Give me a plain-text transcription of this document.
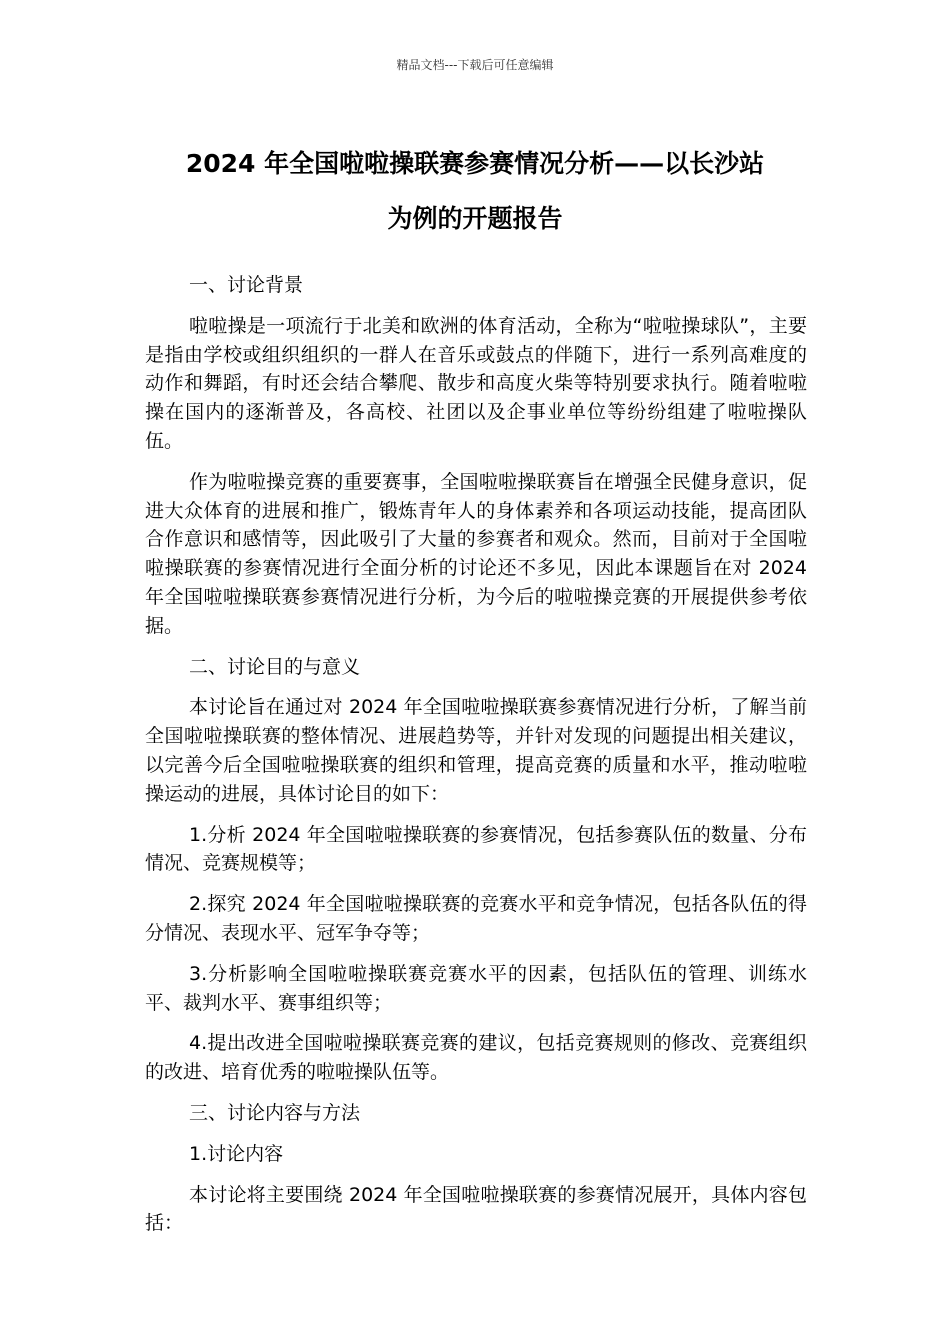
精品文档---下载后可任意编辑
2024 年全国啦啦操联赛参赛情况分析——以长沙站
为例的开题报告

一、讨论背景

啦啦操是一项流行于北美和欧洲的体育活动，全称为“啦啦操球队”，主要是指由学校或组织组织的一群人在音乐或鼓点的伴随下，进行一系列高难度的动作和舞蹈，有时还会结合攀爬、散步和高度火柴等特别要求执行。随着啦啦操在国内的逐渐普及，各高校、社团以及企事业单位等纷纷组建了啦啦操队伍。

作为啦啦操竞赛的重要赛事，全国啦啦操联赛旨在增强全民健身意识，促进大众体育的进展和推广，锻炼青年人的身体素养和各项运动技能，提高团队合作意识和感情等，因此吸引了大量的参赛者和观众。然而，目前对于全国啦啦操联赛的参赛情况进行全面分析的讨论还不多见，因此本课题旨在对 2024 年全国啦啦操联赛参赛情况进行分析，为今后的啦啦操竞赛的开展提供参考依据。

二、讨论目的与意义

本讨论旨在通过对 2024 年全国啦啦操联赛参赛情况进行分析，了解当前全国啦啦操联赛的整体情况、进展趋势等，并针对发现的问题提出相关建议，以完善今后全国啦啦操联赛的组织和管理，提高竞赛的质量和水平，推动啦啦操运动的进展，具体讨论目的如下：

1.分析 2024 年全国啦啦操联赛的参赛情况，包括参赛队伍的数量、分布情况、竞赛规模等；

2.探究 2024 年全国啦啦操联赛的竞赛水平和竞争情况，包括各队伍的得分情况、表现水平、冠军争夺等；

3.分析影响全国啦啦操联赛竞赛水平的因素，包括队伍的管理、训练水平、裁判水平、赛事组织等；

4.提出改进全国啦啦操联赛竞赛的建议，包括竞赛规则的修改、竞赛组织的改进、培育优秀的啦啦操队伍等。

三、讨论内容与方法

1.讨论内容

本讨论将主要围绕 2024 年全国啦啦操联赛的参赛情况展开，具体内容包括：
